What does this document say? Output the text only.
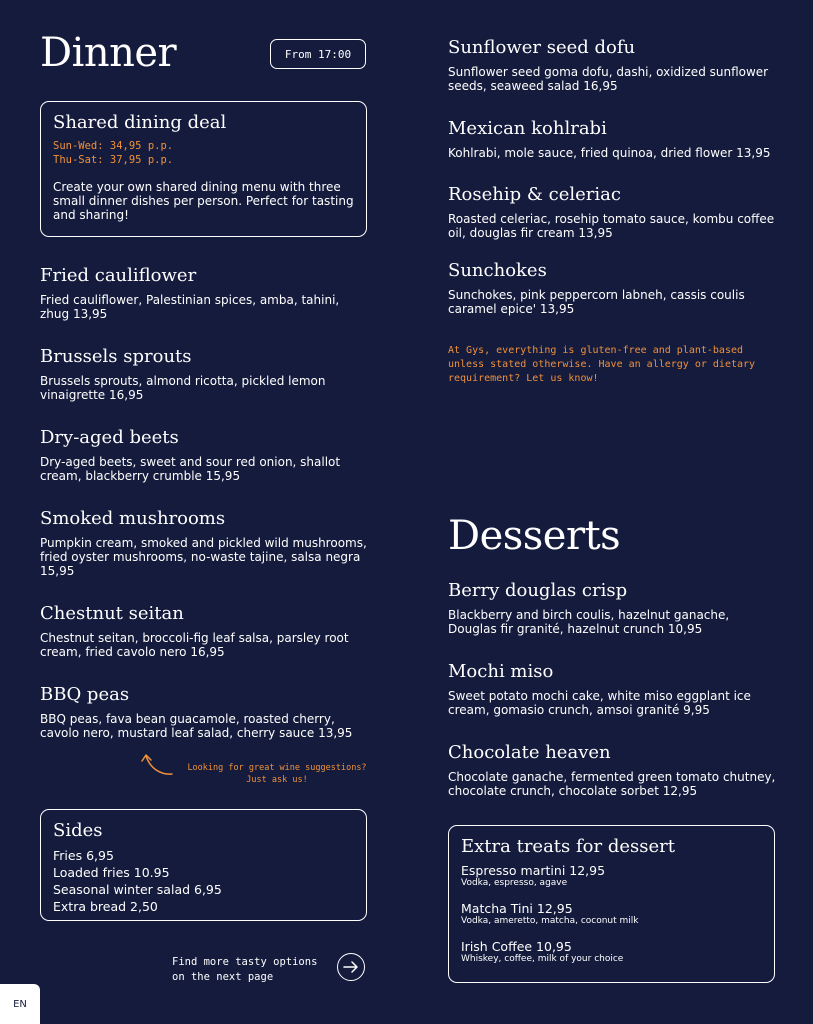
Dinner	From 17:00
Shared dining deal
Sun-Wed: 34,95 p.p.
Thu-Sat: 37,95 p.p.
Create your own shared dining menu with three small dinner dishes per person. Perfect for tasting and sharing!
Fried cauliflower

Fried cauliflower, Palestinian spices, amba, tahini, zhug 13,95

Brussels sprouts

Brussels sprouts, almond ricotta, pickled lemon vinaigrette 16,95

Dry-aged beets

Dry-aged beets, sweet and sour red onion, shallot cream, blackberry crumble 15,95

Smoked mushrooms

Pumpkin cream, smoked and pickled wild mushrooms, fried oyster mushrooms, no-waste tajine, salsa negra 15,95

Chestnut seitan

Chestnut seitan, broccoli-fig leaf salsa, parsley root cream, fried cavolo nero 16,95

BBQ peas

BBQ peas, fava bean guacamole, roasted cherry, cavolo nero, mustard leaf salad, cherry sauce 13,95

Looking for great wine suggestions?
Just ask us!
Sides
Fries 6,95
Loaded fries 10.95
Seasonal winter salad 6,95
Extra bread 2,50
Find more tasty options
on the next page
Sunflower seed dofu

Sunflower seed goma dofu, dashi, oxidized sunflower seeds, seaweed salad 16,95

Mexican kohlrabi

Kohlrabi, mole sauce, fried quinoa, dried flower 13,95

Rosehip & celeriac

Roasted celeriac, rosehip tomato sauce, kombu coffee oil, douglas fir cream 13,95

Sunchokes

Sunchokes, pink peppercorn labneh, cassis coulis caramel epice' 13,95

At Gys, everything is gluten-free and plant-based unless stated otherwise. Have an allergy or dietary requirement? Let us know!
Desserts
Berry douglas crisp

Blackberry and birch coulis, hazelnut ganache, Douglas fir granité, hazelnut crunch 10,95

Mochi miso

Sweet potato mochi cake, white miso eggplant ice cream, gomasio crunch, amsoi granité 9,95

Chocolate heaven

Chocolate ganache, fermented green tomato chutney, chocolate crunch, chocolate sorbet 12,95

Extra treats for dessert
Espresso martini 12,95
Vodka, espresso, agave
Matcha Tini 12,95
Vodka, ameretto, matcha, coconut milk
Irish Coffee 10,95
Whiskey, coffee, milk of your choice
EN
